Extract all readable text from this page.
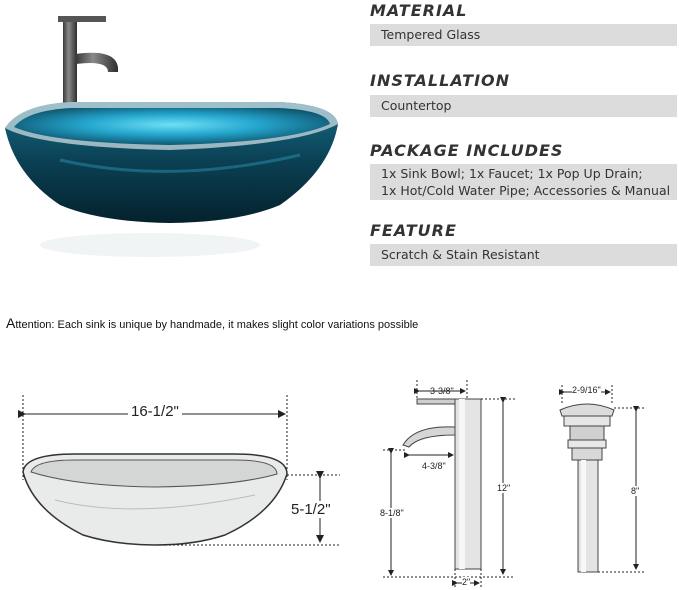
MATERIAL
Tempered Glass
INSTALLATION
Countertop
PACKAGE INCLUDES
1x Sink Bowl; 1x Faucet; 1x Pop Up Drain;
1x Hot/Cold Water Pipe; Accessories & Manual
FEATURE
Scratch & Stain Resistant
Attention: Each sink is unique by handmade, it makes slight color variations possible
16-1/2"
5-1/2"
3-3/8"
4-3/8"
12"
8-1/8"
2"
2-9/16"
8"
